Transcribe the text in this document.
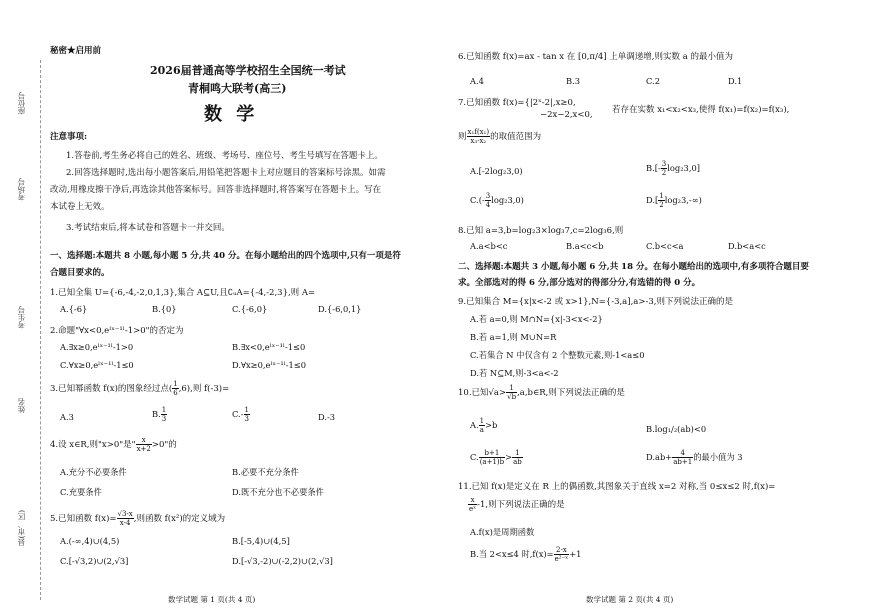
座位号
考场号
考生号
姓名
县(市、区)
秘密★启用前
2026届普通高等学校招生全国统一考试
青桐鸣大联考(高三)
数 学
注意事项:
1.答卷前,考生务必将自己的姓名、班级、考场号、座位号、考生号填写在答题卡上。
2.回答选择题时,选出每小题答案后,用铅笔把答题卡上对应题目的答案标号涂黑。如需
改动,用橡皮擦干净后,再选涂其他答案标号。回答非选择题时,将答案写在答题卡上。写在
本试卷上无效。
3.考试结束后,将本试卷和答题卡一并交回。
一、选择题:本题共 8 小题,每小题 5 分,共 40 分。在每小题给出的四个选项中,只有一项是符
合题目要求的。
1.已知全集 U={-6,-4,-2,0,1,3},集合 A⊆U,且∁ᵤA={-4,-2,3},则 A=
A.{-6}	B.{0}	C.{-6,0}	D.{-6,0,1}
2.命题"∀x<0,eˡˣ⁻¹ˡ-1>0"的否定为
A.∃x≥0,eˡˣ⁻¹ˡ-1>0	B.∃x<0,eˡˣ⁻¹ˡ-1≤0
C.∀x≥0,eˡˣ⁻¹ˡ-1≤0	D.∀x≥0,eˡˣ⁻¹ˡ-1≤0
3.已知幂函数 f(x)的图象经过点( $\frac{1}{6} ,6$),则 f(-3)=
A.3	B. $\frac{1}{3}$	$C.- \frac{1}{3}$	D.-3
4.设 x∈R,则"x>0"是" $\frac{x}{x+2} >0$"的
A.充分不必要条件	B.必要不充分条件
C.充要条件	D.既不充分也不必要条件
5.已知函数 $f(x)= \frac{√3-x}{x-4}$ ,则函数 f(x²)的定义域为
A.(-∞,4)∪(4,5)	B.[-5,4)∪(4,5]
C.[-√3,2)∪(2,√3]	D.[-√3,-2)∪(-2,2)∪(2,√3]
数学试题 第 1 页(共 4 页)
6.已知函数 f(x)=ax - tan x 在 [0,π/4] 上单调递增,则实数 a 的最小值为
A.4	B.3	C.2	D.1
7.已知函数 f(x)={|2ˣ-2|,x≥0,
−2x−2,x<0, 若存在实数 x₁<x₂<x₃,使得 f(x₁)=f(x₂)=f(x₃),
则 $\frac{\text{x₁f(x₁)}}{\text{x₃-x₂}}$ 的取值范围为
A.[-2log₂3,0)	$B.[- \frac{3}{2} \log_23,0]$
$C.(- \frac{3}{4} \log_23,0)$	$D.[ \frac{1}{2} \log_23,-\infty)$
8.已知 a=3,b=log₂3×log₃7,c=2log₃6,则
A.a<b<c	B.a<c<b	C.b<c<a	D.b<a<c
二、选择题:本题共 3 小题,每小题 6 分,共 18 分。在每小题给出的选项中,有多项符合题目要
求。全部选对的得 6 分,部分选对的得部分分,有选错的得 0 分。
9.已知集合 M={x|x<-2 或 x>1},N={-3,a],a>-3,则下列说法正确的是
A.若 a=0,则 M∩N={x|-3<x<-2}
B.若 a=1,则 M∪N=R
C.若集合 N 中仅含有 2 个整数元素,则-1<a≤0
D.若 N⊆M,则-3<a<-2
10.已知$√a> \frac{1}{√b}$ ,a,b∈R,则下列说法正确的是
A. $\frac{1}{a} >b$	B.log₁/₂(ab)<0
C. $\frac{b+1}{(a+1)b} > \frac{1}{ab}$	$D.ab+ \frac{4}{ab+1}$ 的最小值为 3
11.已知 f(x)是定义在 R 上的偶函数,其图象关于直线 x=2 对称,当 0≤x≤2 时,f(x)=
$\frac{x}{\text{eˣ}} -1$,则下列说法正确的是
A.f(x)是周期函数
B.当 2<x≤4 时$,f(x)= \frac{2-x}{\text{e²⁻ˣ}} +1$
数学试题 第 2 页(共 4 页)
